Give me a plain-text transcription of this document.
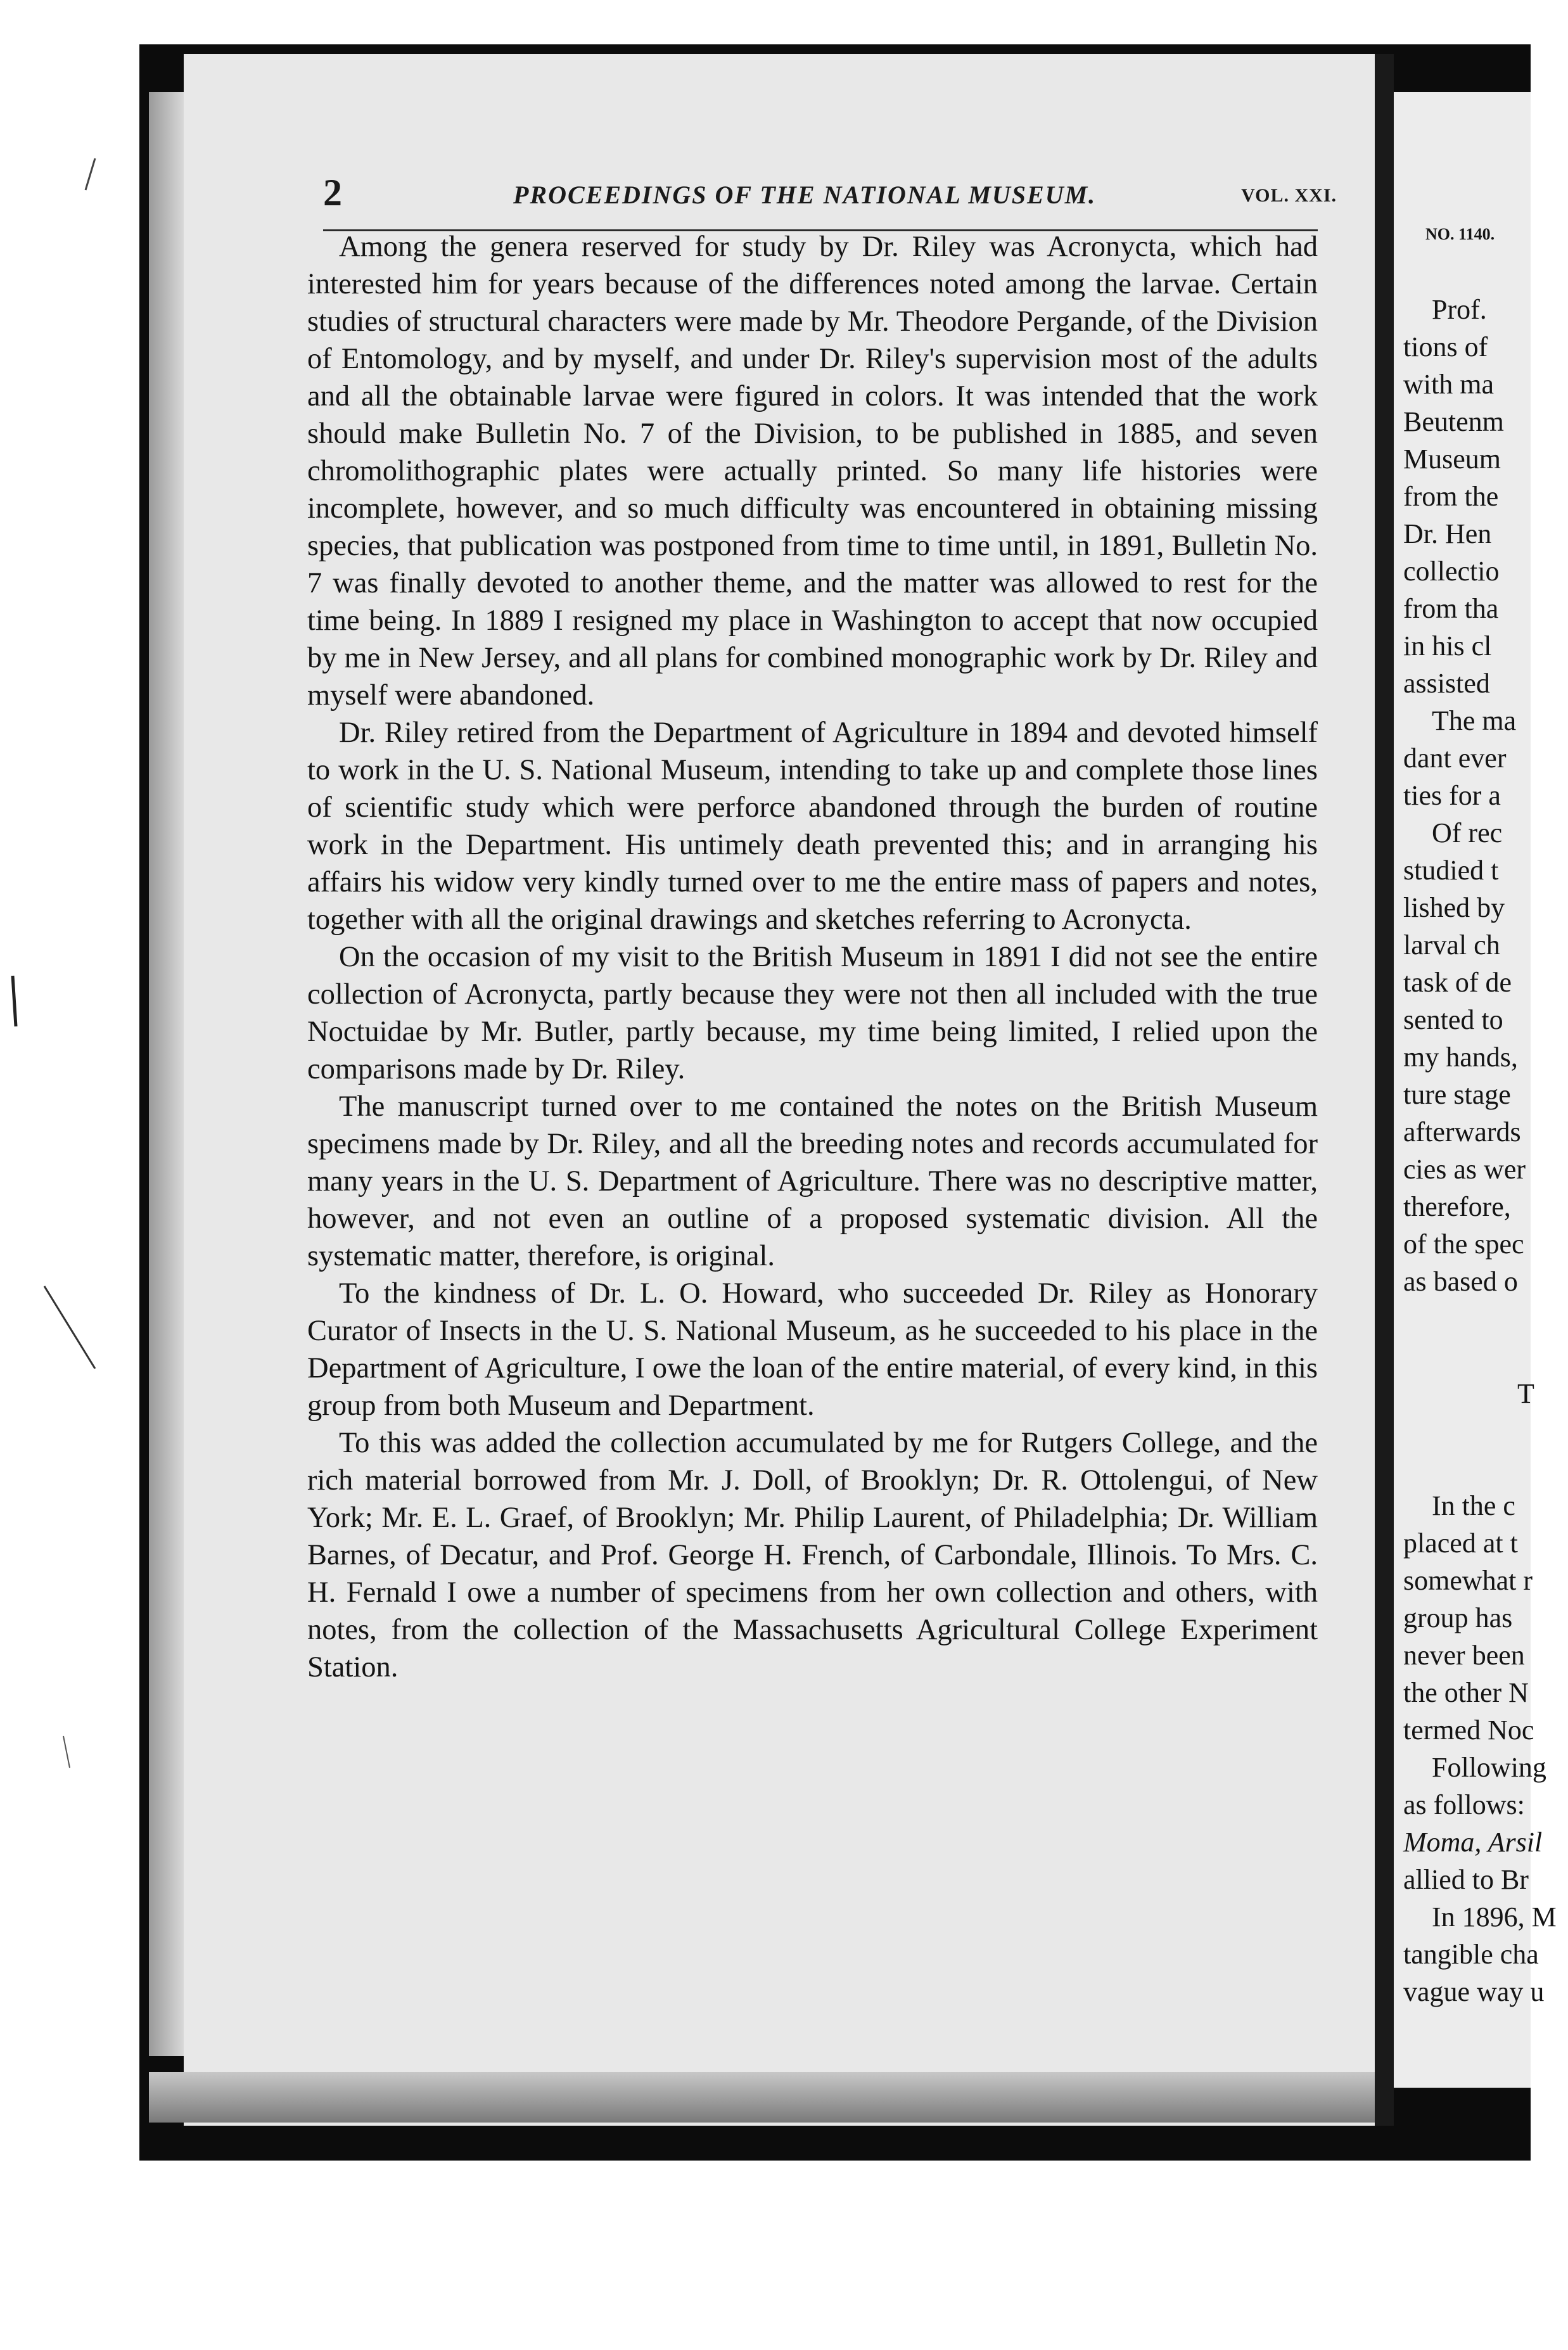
2	PROCEEDINGS OF THE NATIONAL MUSEUM.	VOL. XXI.

Among the genera reserved for study by Dr. Riley was Acronycta, which had interested him for years because of the differences noted among the larvae. Certain studies of structural characters were made by Mr. Theodore Pergande, of the Division of Entomology, and by myself, and under Dr. Riley's supervision most of the adults and all the obtainable larvae were figured in colors. It was intended that the work should make Bulletin No. 7 of the Division, to be published in 1885, and seven chromolithographic plates were actually printed. So many life histories were incomplete, however, and so much difficulty was encountered in obtaining missing species, that publication was postponed from time to time until, in 1891, Bulletin No. 7 was finally devoted to another theme, and the matter was allowed to rest for the time being. In 1889 I resigned my place in Washington to accept that now occupied by me in New Jersey, and all plans for combined monographic work by Dr. Riley and myself were abandoned.

Dr. Riley retired from the Department of Agriculture in 1894 and devoted himself to work in the U. S. National Museum, intending to take up and complete those lines of scientific study which were perforce abandoned through the burden of routine work in the Department. His untimely death prevented this; and in arranging his affairs his widow very kindly turned over to me the entire mass of papers and notes, together with all the original drawings and sketches referring to Acronycta.

On the occasion of my visit to the British Museum in 1891 I did not see the entire collection of Acronycta, partly because they were not then all included with the true Noctuidae by Mr. Butler, partly because, my time being limited, I relied upon the comparisons made by Dr. Riley.

The manuscript turned over to me contained the notes on the British Museum specimens made by Dr. Riley, and all the breeding notes and records accumulated for many years in the U. S. Department of Agriculture. There was no descriptive matter, however, and not even an outline of a proposed systematic division. All the systematic matter, therefore, is original.

To the kindness of Dr. L. O. Howard, who succeeded Dr. Riley as Honorary Curator of Insects in the U. S. National Museum, as he succeeded to his place in the Department of Agriculture, I owe the loan of the entire material, of every kind, in this group from both Museum and Department.

To this was added the collection accumulated by me for Rutgers College, and the rich material borrowed from Mr. J. Doll, of Brooklyn; Dr. R. Ottolengui, of New York; Mr. E. L. Graef, of Brooklyn; Mr. Philip Laurent, of Philadelphia; Dr. William Barnes, of Decatur, and Prof. George H. French, of Carbondale, Illinois. To Mrs. C. H. Fernald I owe a number of specimens from her own collection and others, with notes, from the collection of the Massachusetts Agricultural College Experiment Station.

NO. 1140.
Prof.
tions of
with ma
Beutenm
Museum
from the
Dr. Hen
collectio
from tha
in his cl
assisted
The ma
dant ever
ties for a
Of rec
studied t
lished by
larval ch
task of de
sented to
my hands,
ture stage
afterwards
cies as wer
therefore,
of the spec
as based o
T
In the c
placed at t
somewhat r
group has
never been
the other N
termed Noc
Following
as follows:
Moma, Arsil
allied to Br
In 1896, M
tangible cha
vague way u
